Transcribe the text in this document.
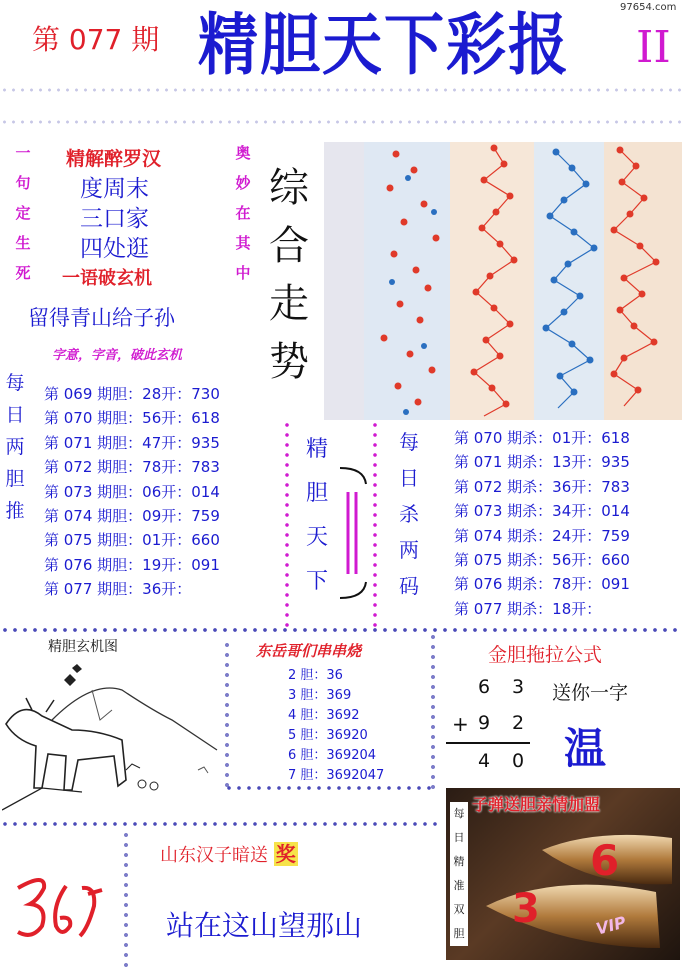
第 077 期 精胆天下彩报 II
97654.com
一
句
定
生
死
奥
妙
在
其
中
精解醉罗汉
度周末
三口家
四处逛
一语破玄机
留得青山给子孙
字意，字音，破此玄机
综
合
走
势
每
日
两
胆
推
第 069 期胆：28开：730
第 070 期胆：56开：618
第 071 期胆：47开：935
第 072 期胆：78开：783
第 073 期胆：06开：014
第 074 期胆：09开：759
第 075 期胆：01开：660
第 076 期胆：19开：091
第 077 期胆：36开：
精
胆
天
下
每
日
杀
两
码
第 070 期杀：01开：618
第 071 期杀：13开：935
第 072 期杀：36开：783
第 073 期杀：34开：014
第 074 期杀：24开：759
第 075 期杀：56开：660
第 076 期杀：78开：091
第 077 期杀：18开：
精胆玄机图	东岳哥们串串烧
2 胆：36
3 胆：369
4 胆：3692
5 胆：36920
6 胆：369204
7 胆：3692047
金胆拖拉公式
6 3
+ 9 2
4 0
送你一字
温
子弹送胆亲情加盟
每
日
精
准
双
胆
6
3	VIP
山东汉子暗送 奖
站在这山望那山
